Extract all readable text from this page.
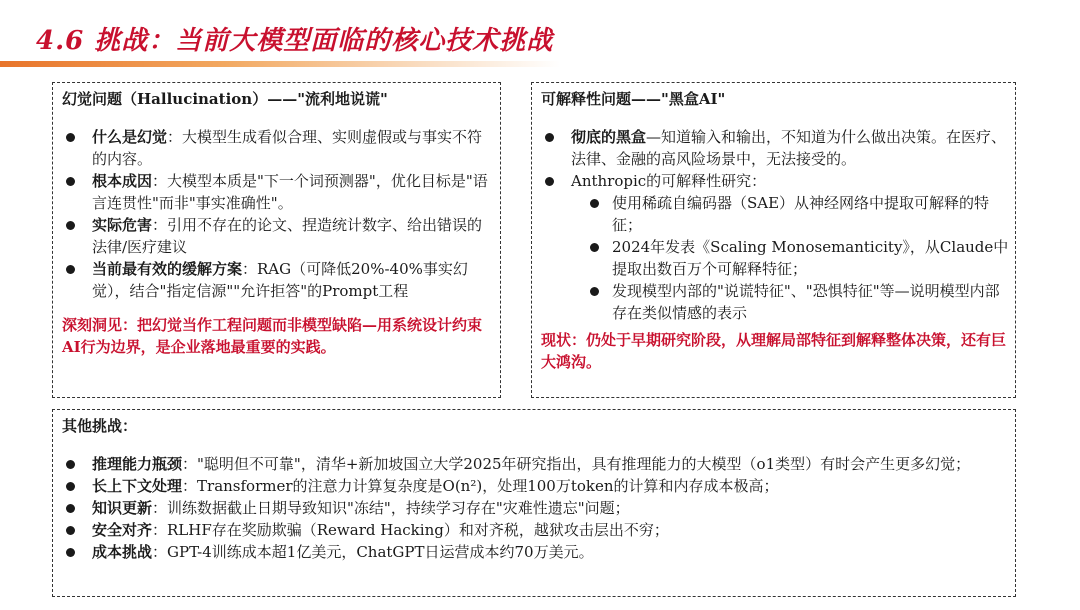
4.6 挑战：当前大模型面临的核心技术挑战
幻觉问题（Hallucination）——"流利地说谎"
什么是幻觉：大模型生成看似合理、实则虚假或与事实不符的内容。
根本成因：大模型本质是"下一个词预测器"，优化目标是"语言连贯性"而非"事实准确性"。
实际危害：引用不存在的论文、捏造统计数字、给出错误的法律/医疗建议
当前最有效的缓解方案：RAG（可降低20%-40%事实幻觉），结合"指定信源""允许拒答"的Prompt工程
深刻洞见：把幻觉当作工程问题而非模型缺陷—用系统设计约束AI行为边界，是企业落地最重要的实践。
可解释性问题——"黑盒AI"
彻底的黑盒—知道输入和输出，不知道为什么做出决策。在医疗、法律、金融的高风险场景中，无法接受的。
Anthropic的可解释性研究：
使用稀疏自编码器（SAE）从神经网络中提取可解释的特征；
2024年发表《Scaling Monosemanticity》，从Claude中提取出数百万个可解释特征；
发现模型内部的"说谎特征"、"恐惧特征"等—说明模型内部存在类似情感的表示
现状：仍处于早期研究阶段，从理解局部特征到解释整体决策，还有巨大鸿沟。
其他挑战：
推理能力瓶颈："聪明但不可靠"，清华+新加坡国立大学2025年研究指出，具有推理能力的大模型（o1类型）有时会产生更多幻觉；
长上下文处理：Transformer的注意力计算复杂度是O(n²)，处理100万token的计算和内存成本极高；
知识更新：训练数据截止日期导致知识"冻结"，持续学习存在"灾难性遗忘"问题；
安全对齐：RLHF存在奖励欺骗（Reward Hacking）和对齐税，越狱攻击层出不穷；
成本挑战：GPT-4训练成本超1亿美元，ChatGPT日运营成本约70万美元。
